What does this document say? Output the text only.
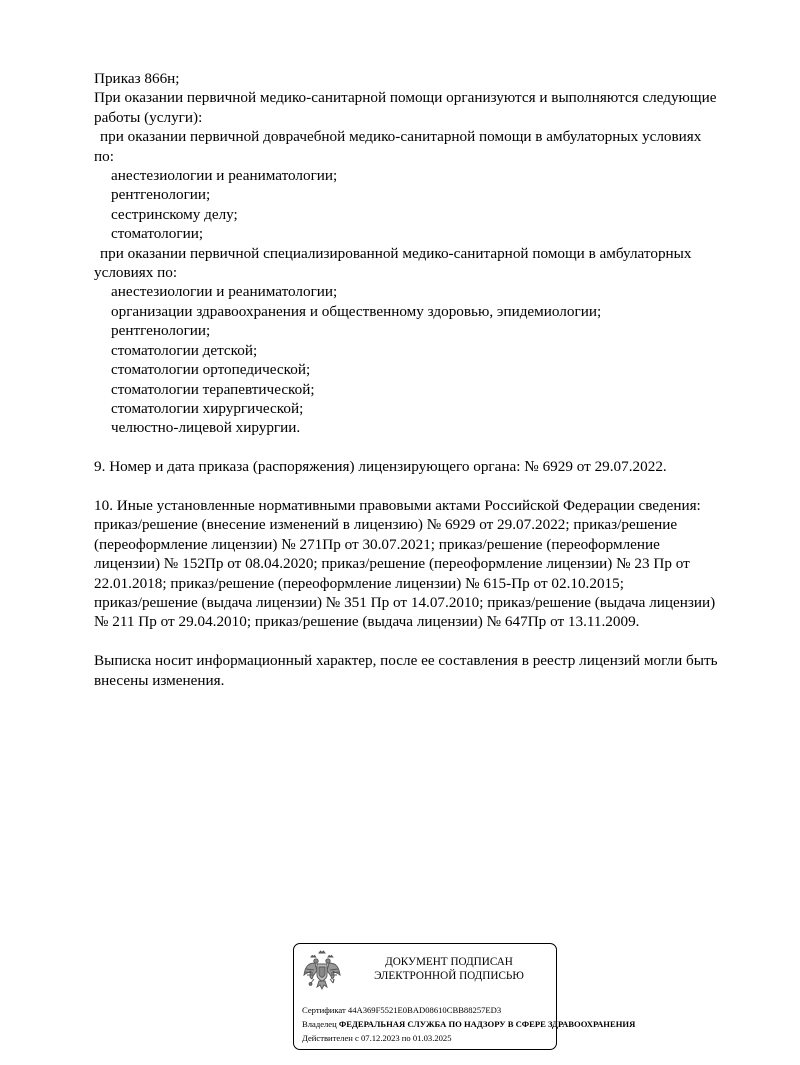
Приказ 866н;
При оказании первичной медико-санитарной помощи организуются и выполняются следующие
работы (услуги):
при оказании первичной доврачебной медико-санитарной помощи в амбулаторных условиях
по:
анестезиологии и реаниматологии;
рентгенологии;
сестринскому делу;
стоматологии;
при оказании первичной специализированной медико-санитарной помощи в амбулаторных
условиях по:
анестезиологии и реаниматологии;
организации здравоохранения и общественному здоровью, эпидемиологии;
рентгенологии;
стоматологии детской;
стоматологии ортопедической;
стоматологии терапевтической;
стоматологии хирургической;
челюстно-лицевой хирургии.
9. Номер и дата приказа (распоряжения) лицензирующего органа: № 6929 от 29.07.2022.
10. Иные установленные нормативными правовыми актами Российской Федерации сведения:
приказ/решение (внесение изменений в лицензию) № 6929 от 29.07.2022; приказ/решение
(переоформление лицензии) № 271Пр от 30.07.2021; приказ/решение (переоформление
лицензии) № 152Пр от 08.04.2020; приказ/решение (переоформление лицензии) № 23 Пр от
22.01.2018; приказ/решение (переоформление лицензии) № 615-Пр от 02.10.2015;
приказ/решение (выдача лицензии) № 351 Пр от 14.07.2010; приказ/решение (выдача лицензии)
№ 211 Пр от 29.04.2010; приказ/решение (выдача лицензии) № 647Пр от 13.11.2009.
Выписка носит информационный характер, после ее составления в реестр лицензий могли быть
внесены изменения.
ДОКУМЕНТ ПОДПИСАН
ЭЛЕКТРОННОЙ ПОДПИСЬЮ
Сертификат 44A369F5521E0BAD08610CBB88257ED3
Владелец ФЕДЕРАЛЬНАЯ СЛУЖБА ПО НАДЗОРУ В СФЕРЕ ЗДРАВООХРАНЕНИЯ
Действителен с 07.12.2023 по 01.03.2025
